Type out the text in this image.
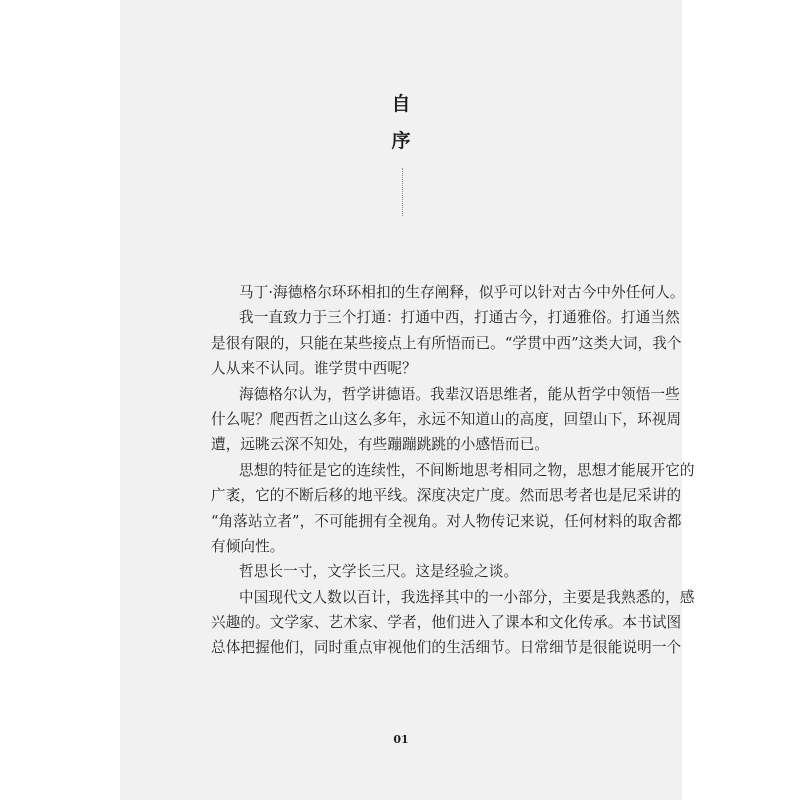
自
序
马丁·海德格尔环环相扣的生存阐释，似乎可以针对古今中外任何人。
我一直致力于三个打通：打通中西，打通古今，打通雅俗。打通当然
是很有限的，只能在某些接点上有所悟而已。“学贯中西”这类大词，我个
人从来不认同。谁学贯中西呢？
海德格尔认为，哲学讲德语。我辈汉语思维者，能从哲学中领悟一些
什么呢？爬西哲之山这么多年，永远不知道山的高度，回望山下，环视周
遭，远眺云深不知处，有些蹦蹦跳跳的小感悟而已。
思想的特征是它的连续性，不间断地思考相同之物，思想才能展开它的
广袤，它的不断后移的地平线。深度决定广度。然而思考者也是尼采讲的
“角落站立者”，不可能拥有全视角。对人物传记来说，任何材料的取舍都
有倾向性。
哲思长一寸，文学长三尺。这是经验之谈。
中国现代文人数以百计，我选择其中的一小部分，主要是我熟悉的，感
兴趣的。文学家、艺术家、学者，他们进入了课本和文化传承。本书试图
总体把握他们，同时重点审视他们的生活细节。日常细节是很能说明一个
01
